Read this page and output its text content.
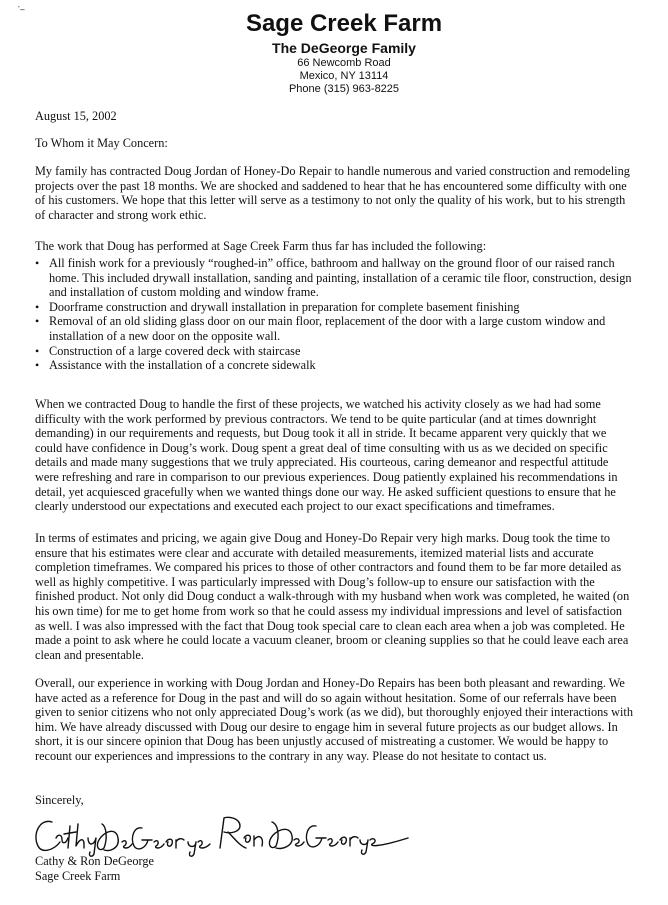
′‒
Sage Creek Farm
The DeGeorge Family
66 Newcomb Road
Mexico, NY 13114
Phone (315) 963-8225
August 15, 2002
To Whom it May Concern:
My family has contracted Doug Jordan of Honey-Do Repair to handle numerous and varied construction and remodeling projects over the past 18 months. We are shocked and saddened to hear that he has encountered some difficulty with one of his customers. We hope that this letter will serve as a testimony to not only the quality of his work, but to his strength of character and strong work ethic.
The work that Doug has performed at Sage Creek Farm thus far has included the following:
• All finish work for a previously “roughed-in” office, bathroom and hallway on the ground floor of our raised ranch home. This included drywall installation, sanding and painting, installation of a ceramic tile floor, construction, design and installation of custom molding and window frame.
• Doorframe construction and drywall installation in preparation for complete basement finishing
• Removal of an old sliding glass door on our main floor, replacement of the door with a large custom window and installation of a new door on the opposite wall.
• Construction of a large covered deck with staircase
• Assistance with the installation of a concrete sidewalk
When we contracted Doug to handle the first of these projects, we watched his activity closely as we had had some difficulty with the work performed by previous contractors. We tend to be quite particular (and at times downright demanding) in our requirements and requests, but Doug took it all in stride. It became apparent very quickly that we could have confidence in Doug’s work. Doug spent a great deal of time consulting with us as we decided on specific details and made many suggestions that we truly appreciated. His courteous, caring demeanor and respectful attitude were refreshing and rare in comparison to our previous experiences. Doug patiently explained his recommendations in detail, yet acquiesced gracefully when we wanted things done our way. He asked sufficient questions to ensure that he clearly understood our expectations and executed each project to our exact specifications and timeframes.
In terms of estimates and pricing, we again give Doug and Honey-Do Repair very high marks. Doug took the time to ensure that his estimates were clear and accurate with detailed measurements, itemized material lists and accurate completion timeframes. We compared his prices to those of other contractors and found them to be far more detailed as well as highly competitive. I was particularly impressed with Doug’s follow-up to ensure our satisfaction with the finished product. Not only did Doug conduct a walk-through with my husband when work was completed, he waited (on his own time) for me to get home from work so that he could assess my individual impressions and level of satisfaction as well. I was also impressed with the fact that Doug took special care to clean each area when a job was completed. He made a point to ask where he could locate a vacuum cleaner, broom or cleaning supplies so that he could leave each area clean and presentable.
Overall, our experience in working with Doug Jordan and Honey-Do Repairs has been both pleasant and rewarding. We have acted as a reference for Doug in the past and will do so again without hesitation. Some of our referrals have been given to senior citizens who not only appreciated Doug’s work (as we did), but thoroughly enjoyed their interactions with him. We have already discussed with Doug our desire to engage him in several future projects as our budget allows. In short, it is our sincere opinion that Doug has been unjustly accused of mistreating a customer. We would be happy to recount our experiences and impressions to the contrary in any way. Please do not hesitate to contact us.
Sincerely,
Cathy & Ron DeGeorge
Sage Creek Farm
